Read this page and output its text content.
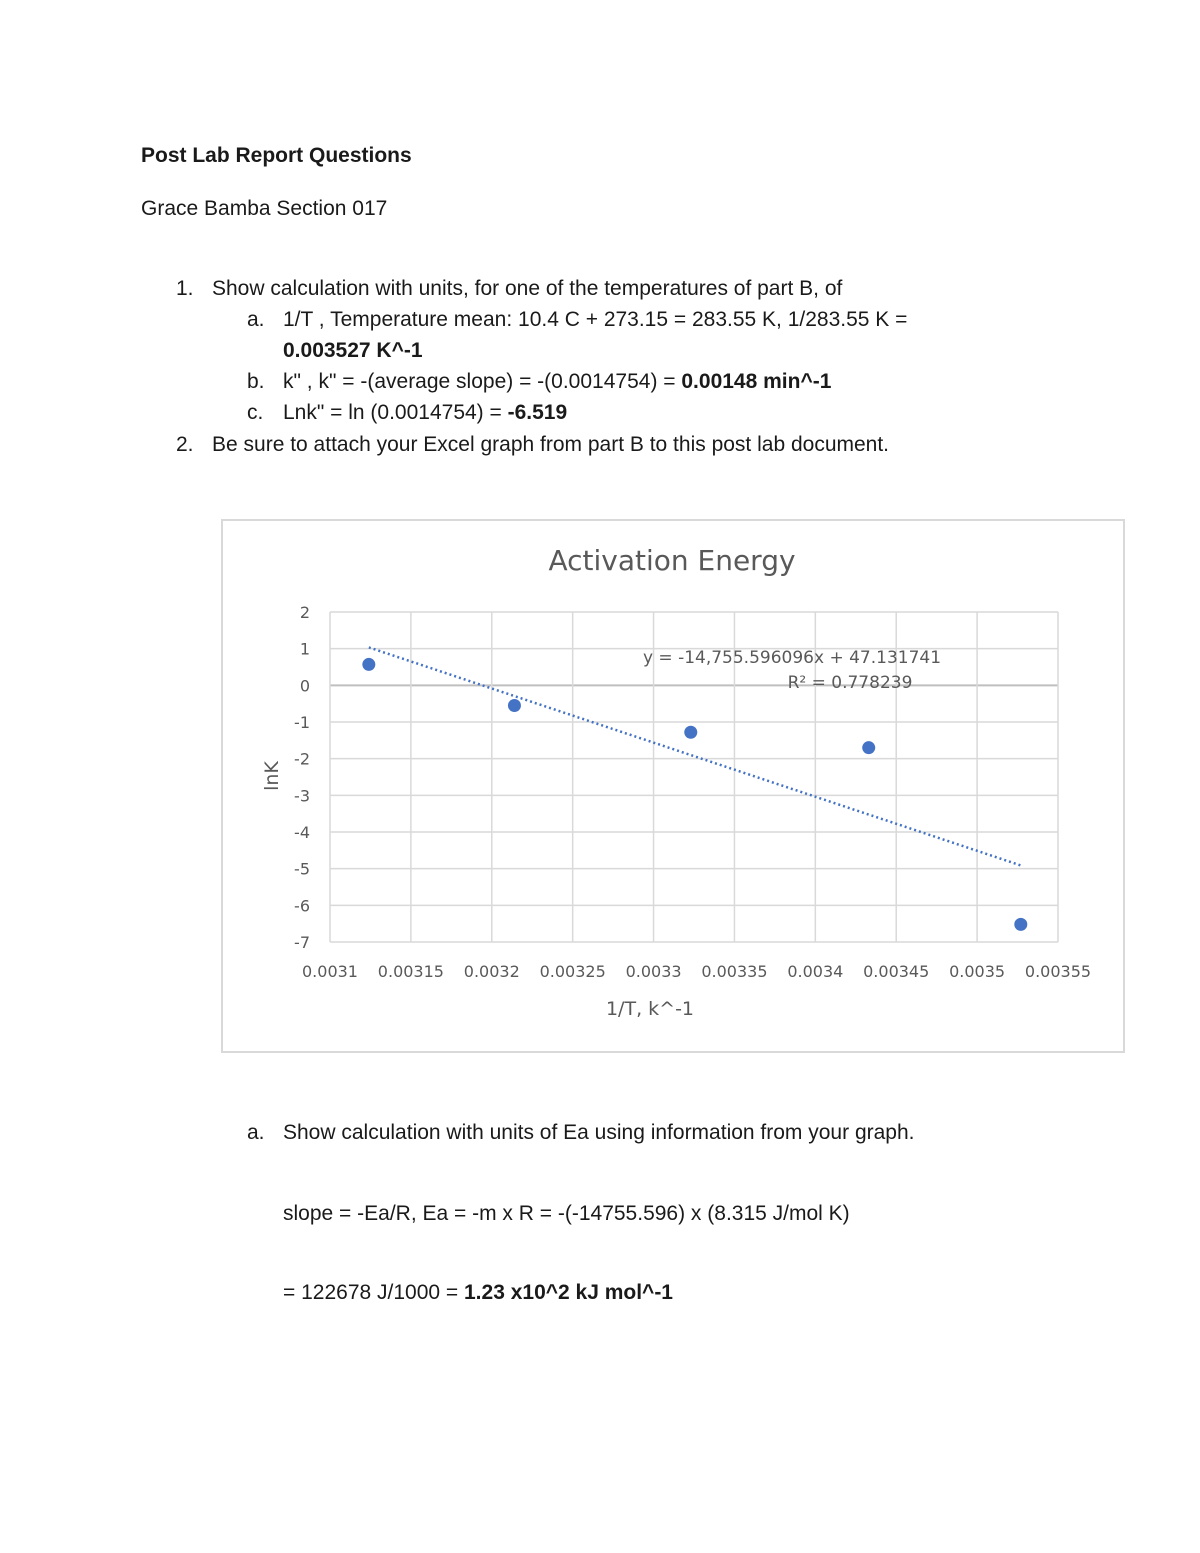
Post Lab Report Questions
Grace Bamba Section 017
1. Show calculation with units, for one of the temperatures of part B, of
a. 1/T , Temperature mean: 10.4 C + 273.15 = 283.55 K, 1/283.55 K =
0.003527 K^-1
b. k" , k" = -(average slope) = -(0.0014754) = 0.00148 min^-1
c. Lnk" = ln (0.0014754) = -6.519
2. Be sure to attach your Excel graph from part B to this post lab document.
2
1
0
-1
-2
-3
-4
-5
-6
-7
0.0031 0.00315 0.0032 0.00325 0.0033 0.00335 0.0034 0.00345 0.0035 0.00355
Activation Energy
1/T, k^-1
lnK
y = -14,755.596096x + 47.131741
R² = 0.778239
a. Show calculation with units of Ea using information from your graph.
slope = -Ea/R, Ea = -m x R = -(-14755.596) x (8.315 J/mol K)
= 122678 J/1000 = 1.23 x10^2 kJ mol^-1
